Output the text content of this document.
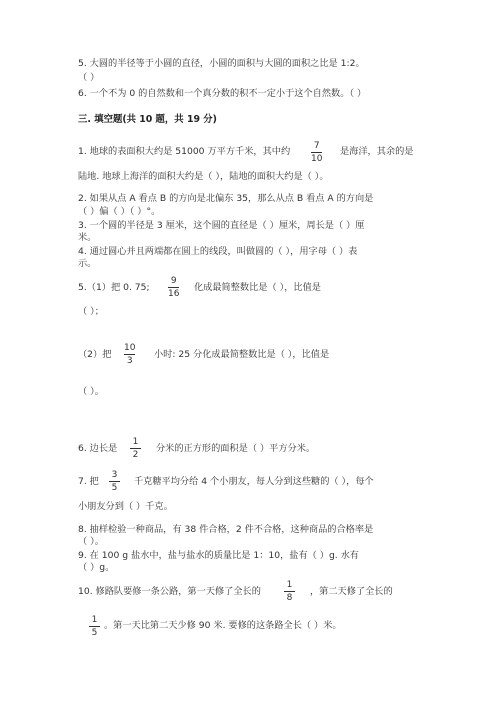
5. 大圆的半径等于小圆的直径，小圆的面积与大圆的面积之比是 1:2。
（ ）
6. 一个不为 0 的自然数和一个真分数的积不一定小于这个自然数。（ ）
三. 填空题(共 10 题，共 19 分)
1. 地球的表面积大约是 51000 万平方千米，其中约	7
10
是海洋，其余的是
陆地. 地球上海洋的面积大约是（ ），陆地的面积大约是（ ）。
2. 如果从点 A 看点 B 的方向是北偏东 35，那么从点 B 看点 A 的方向是
（ ）偏（ ）（ ）°。
3. 一个圆的半径是 3 厘米，这个圆的直径是（ ）厘米，周长是（ ）厘
米。
4. 通过圆心并且两端都在圆上的线段，叫做圆的（ ），用字母（ ）表
示。
5.（1）把 0. 75;
9
16
化成最简整数比是（ ），比值是
（ ）；
（2）把
10
3
小时: 25 分化成最简整数比是（ ），比值是
（ ）。
6. 边长是
1
2
分米的正方形的面积是（ ）平方分米。
7. 把
3
5
千克糖平均分给 4 个小朋友，每人分到这些糖的（ ），每个
小朋友分到（ ）千克。
8. 抽样检验一种商品，有 38 件合格，2 件不合格，这种商品的合格率是
（ ）。
9. 在 100 g 盐水中，盐与盐水的质量比是 1：10，盐有（ ）g. 水有
（ ）g。
10. 修路队要修一条公路，第一天修了全长的
1
8
，第二天修了全长的
1
5
。第一天比第二天少修 90 米. 要修的这条路全长（ ）米。
